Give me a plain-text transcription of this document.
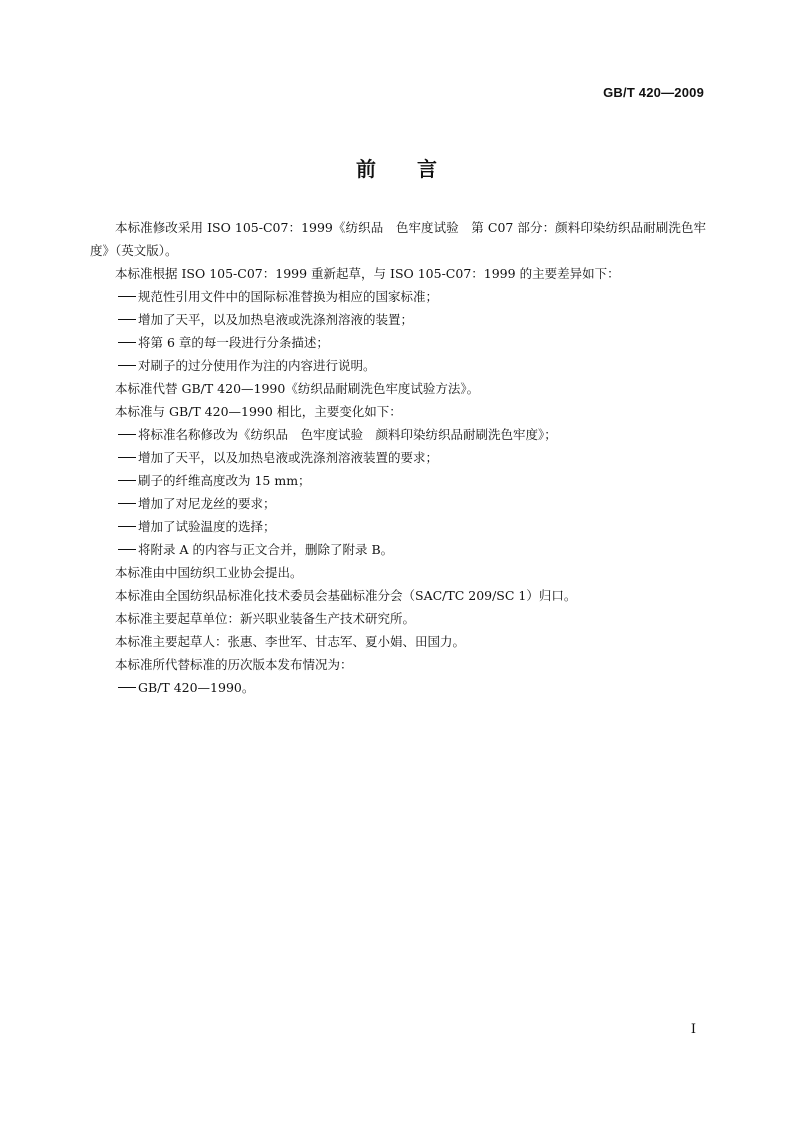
GB/T 420—2009
前 言

本标准修改采用 ISO 105-C07：1999《纺织品　色牢度试验　第 C07 部分：颜料印染纺织品耐刷洗色牢度》（英文版）。

本标准根据 ISO 105-C07：1999 重新起草，与 ISO 105-C07：1999 的主要差异如下：

规范性引用文件中的国际标准替换为相应的国家标准；

增加了天平，以及加热皂液或洗涤剂溶液的装置；

将第 6 章的每一段进行分条描述；

对刷子的过分使用作为注的内容进行说明。

本标准代替 GB/T 420—1990《纺织品耐刷洗色牢度试验方法》。

本标准与 GB/T 420—1990 相比，主要变化如下：

将标准名称修改为《纺织品　色牢度试验　颜料印染纺织品耐刷洗色牢度》；

增加了天平，以及加热皂液或洗涤剂溶液装置的要求；

刷子的纤维高度改为 15 mm；

增加了对尼龙丝的要求；

增加了试验温度的选择；

将附录 A 的内容与正文合并，删除了附录 B。

本标准由中国纺织工业协会提出。

本标准由全国纺织品标准化技术委员会基础标准分会（SAC/TC 209/SC 1）归口。

本标准主要起草单位：新兴职业装备生产技术研究所。

本标准主要起草人：张惠、李世军、甘志军、夏小娟、田国力。

本标准所代替标准的历次版本发布情况为：

GB/T 420—1990。

Ⅰ
